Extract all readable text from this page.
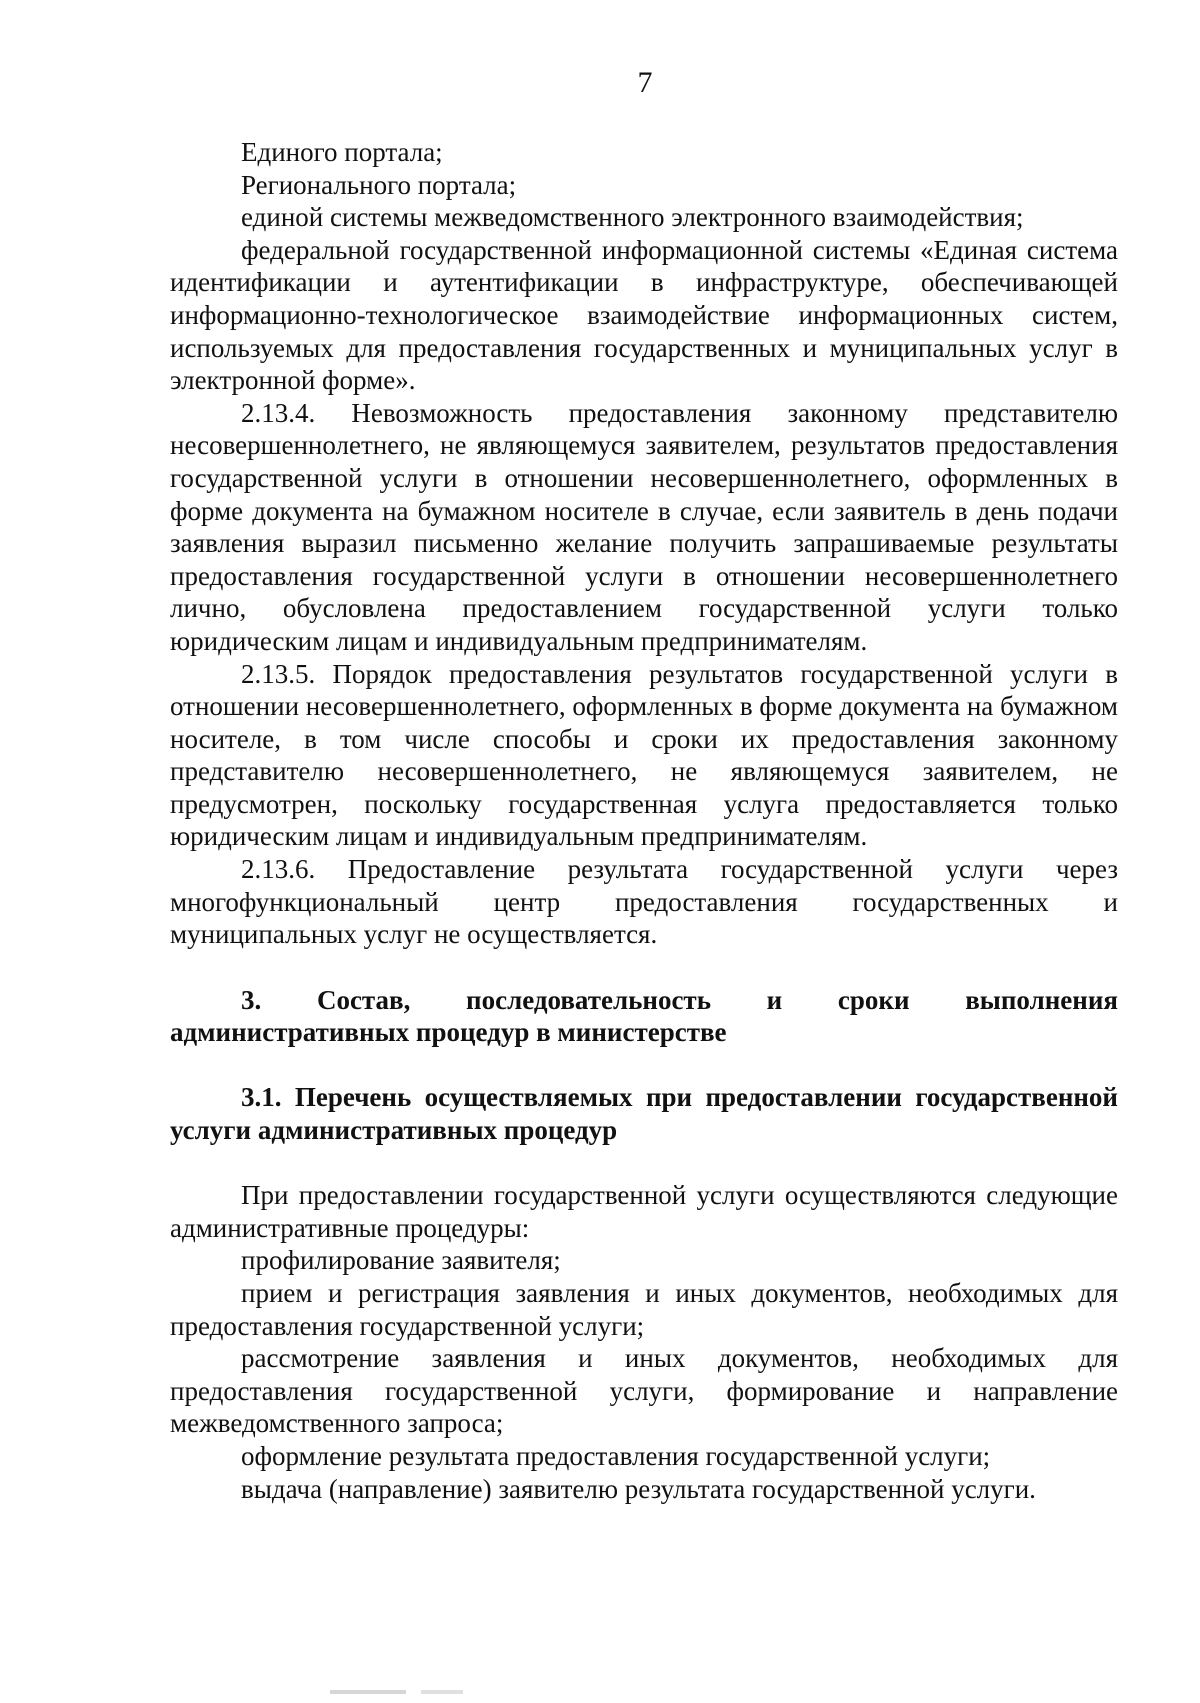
7

Единого портала;

Регионального портала;

единой системы межведомственного электронного взаимодействия;

федеральной государственной информационной системы «Единая система идентификации и аутентификации в инфраструктуре, обеспечивающей информационно-технологическое взаимодействие информационных систем, используемых для предоставления государственных и муниципальных услуг в электронной форме».

2.13.4. Невозможность предоставления законному представителю несовершеннолетнего, не являющемуся заявителем, результатов предоставления государственной услуги в отношении несовершеннолетнего, оформленных в форме документа на бумажном носителе в случае, если заявитель в день подачи заявления выразил письменно желание получить запрашиваемые результаты предоставления государственной услуги в отношении несовершеннолетнего лично, обусловлена предоставлением государственной услуги только юридическим лицам и индивидуальным предпринимателям.

2.13.5. Порядок предоставления результатов государственной услуги в отношении несовершеннолетнего, оформленных в форме документа на бумажном носителе, в том числе способы и сроки их предоставления законному представителю несовершеннолетнего, не являющемуся заявителем, не предусмотрен, поскольку государственная услуга предоставляется только юридическим лицам и индивидуальным предпринимателям.

2.13.6. Предоставление результата государственной услуги через многофункциональный центр предоставления государственных и муниципальных услуг не осуществляется.

3. Состав, последовательность и сроки выполнения административных процедур в министерстве

3.1. Перечень осуществляемых при предоставлении государственной услуги административных процедур

При предоставлении государственной услуги осуществляются следующие административные процедуры:

профилирование заявителя;

прием и регистрация заявления и иных документов, необходимых для предоставления государственной услуги;

рассмотрение заявления и иных документов, необходимых для предоставления государственной услуги, формирование и направление межведомственного запроса;

оформление результата предоставления государственной услуги;

выдача (направление) заявителю результата государственной услуги.
